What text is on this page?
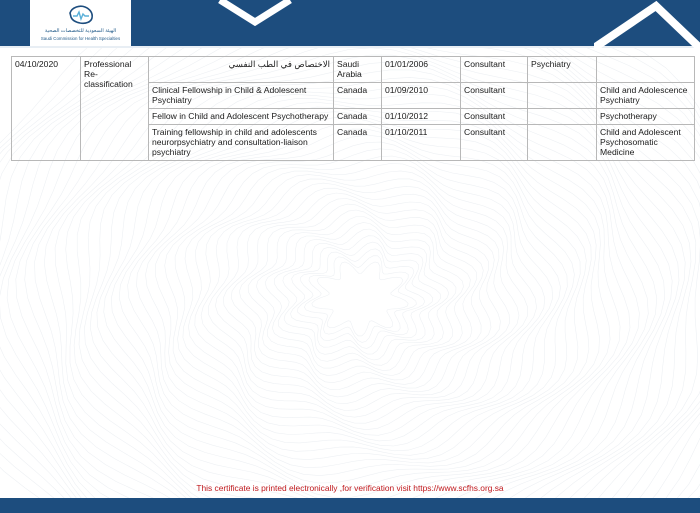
الهيئة السعودية للتخصصات الصحية
Saudi Commission for Health Specialties
04/10/2020	Professional Re-classification	الاختصاص في الطب النفسي	Saudi Arabia	01/01/2006	Consultant	Psychiatry	
		Clinical Fellowship in Child & Adolescent Psychiatry	Canada	01/09/2010	Consultant		Child and Adolescence Psychiatry
		Fellow in Child and Adolescent Psychotherapy	Canada	01/10/2012	Consultant		Psychotherapy
		Training fellowship in child and adolescents neurorpsychiatry and consultation-liaison psychiatry	Canada	01/10/2011	Consultant		Child and Adolescent Psychosomatic Medicine
This certificate is printed electronically ,for verification visit https://www.scfhs.org.sa
